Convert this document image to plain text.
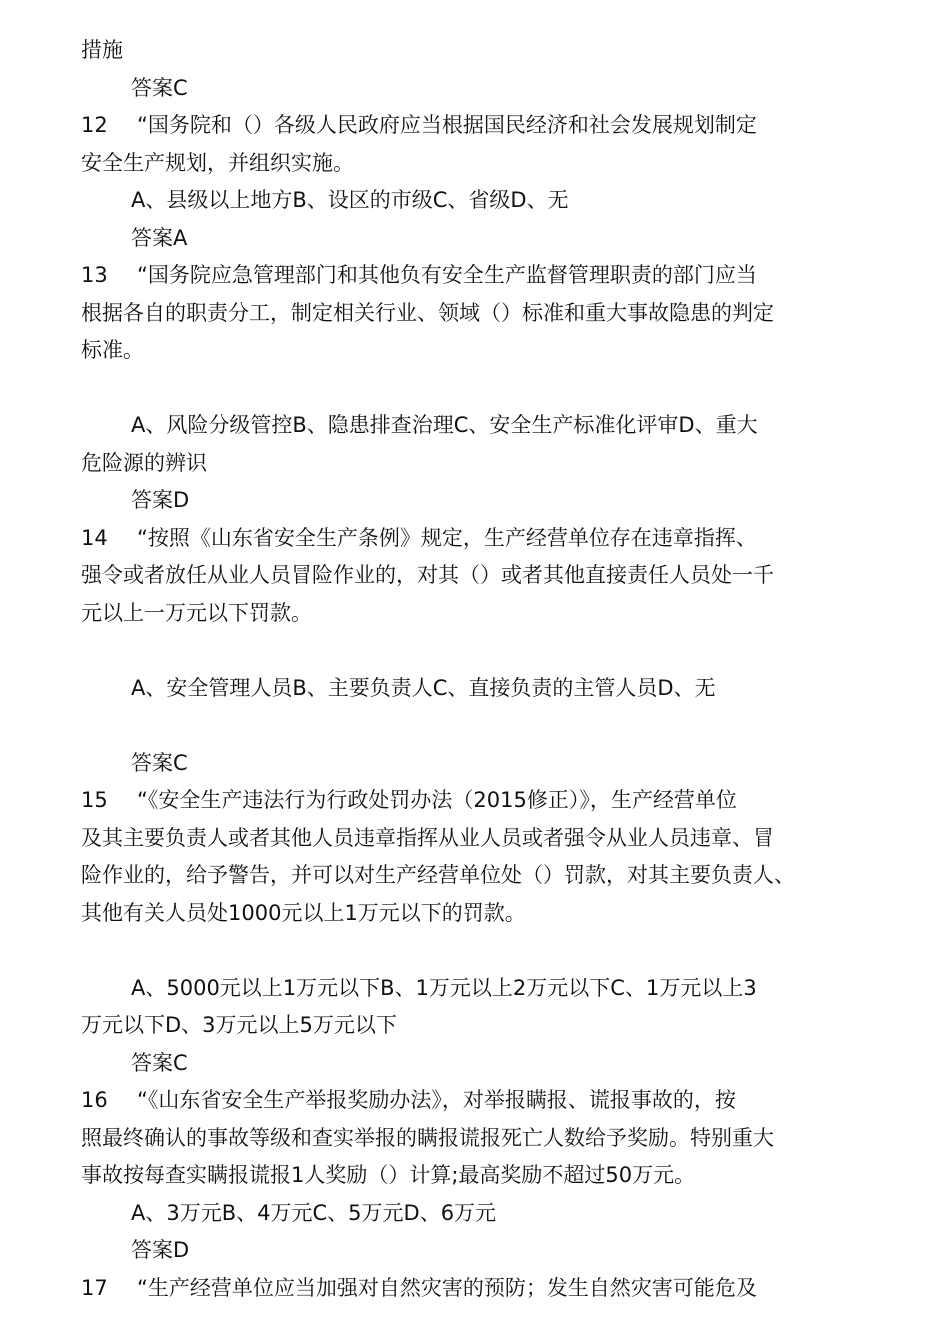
措施
答案C
12 “国务院和（）各级人民政府应当根据国民经济和社会发展规划制定
安全生产规划，并组织实施。
A、县级以上地方B、设区的市级C、省级D、无
答案A
13 “国务院应急管理部门和其他负有安全生产监督管理职责的部门应当
根据各自的职责分工，制定相关行业、领域（）标准和重大事故隐患的判定
标准。
A、风险分级管控B、隐患排查治理C、安全生产标准化评审D、重大
危险源的辨识
答案D
14 “按照《山东省安全生产条例》规定，生产经营单位存在违章指挥、
强令或者放任从业人员冒险作业的，对其（）或者其他直接责任人员处一千
元以上一万元以下罚款。
A、安全管理人员B、主要负责人C、直接负责的主管人员D、无
答案C
15 “《安全生产违法行为行政处罚办法（2015修正）》，生产经营单位
及其主要负责人或者其他人员违章指挥从业人员或者强令从业人员违章、冒
险作业的，给予警告，并可以对生产经营单位处（）罚款，对其主要负责人、
其他有关人员处1000元以上1万元以下的罚款。
A、5000元以上1万元以下B、1万元以上2万元以下C、1万元以上3
万元以下D、3万元以上5万元以下
答案C
16 “《山东省安全生产举报奖励办法》，对举报瞒报、谎报事故的，按
照最终确认的事故等级和查实举报的瞒报谎报死亡人数给予奖励。特别重大
事故按每查实瞒报谎报1人奖励（）计算;最高奖励不超过50万元。
A、3万元B、4万元C、5万元D、6万元
答案D
17 “生产经营单位应当加强对自然灾害的预防；发生自然灾害可能危及
